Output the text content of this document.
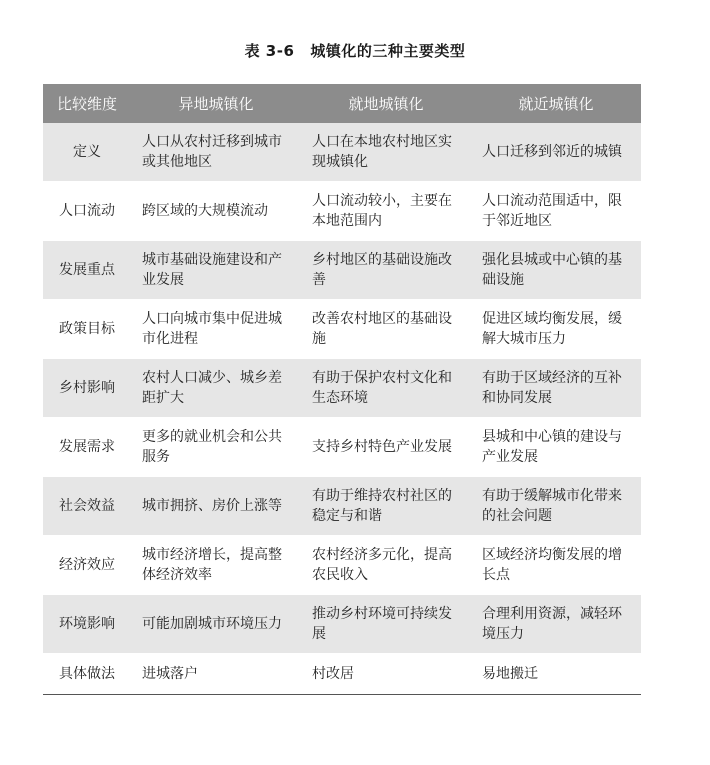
表 3-6 城镇化的三种主要类型
比较维度	异地城镇化	就地城镇化	就近城镇化
定义	人口从农村迁移到城市或其他地区	人口在本地农村地区实现城镇化	人口迁移到邻近的城镇
人口流动	跨区域的大规模流动	人口流动较小，主要在本地范围内	人口流动范围适中，限于邻近地区
发展重点	城市基础设施建设和产业发展	乡村地区的基础设施改善	强化县城或中心镇的基础设施
政策目标	人口向城市集中促进城市化进程	改善农村地区的基础设施	促进区域均衡发展，缓解大城市压力
乡村影响	农村人口减少、城乡差距扩大	有助于保护农村文化和生态环境	有助于区域经济的互补和协同发展
发展需求	更多的就业机会和公共服务	支持乡村特色产业发展	县城和中心镇的建设与产业发展
社会效益	城市拥挤、房价上涨等	有助于维持农村社区的稳定与和谐	有助于缓解城市化带来的社会问题
经济效应	城市经济增长，提高整体经济效率	农村经济多元化，提高农民收入	区域经济均衡发展的增长点
环境影响	可能加剧城市环境压力	推动乡村环境可持续发展	合理利用资源，减轻环境压力
具体做法	进城落户	村改居	易地搬迁
